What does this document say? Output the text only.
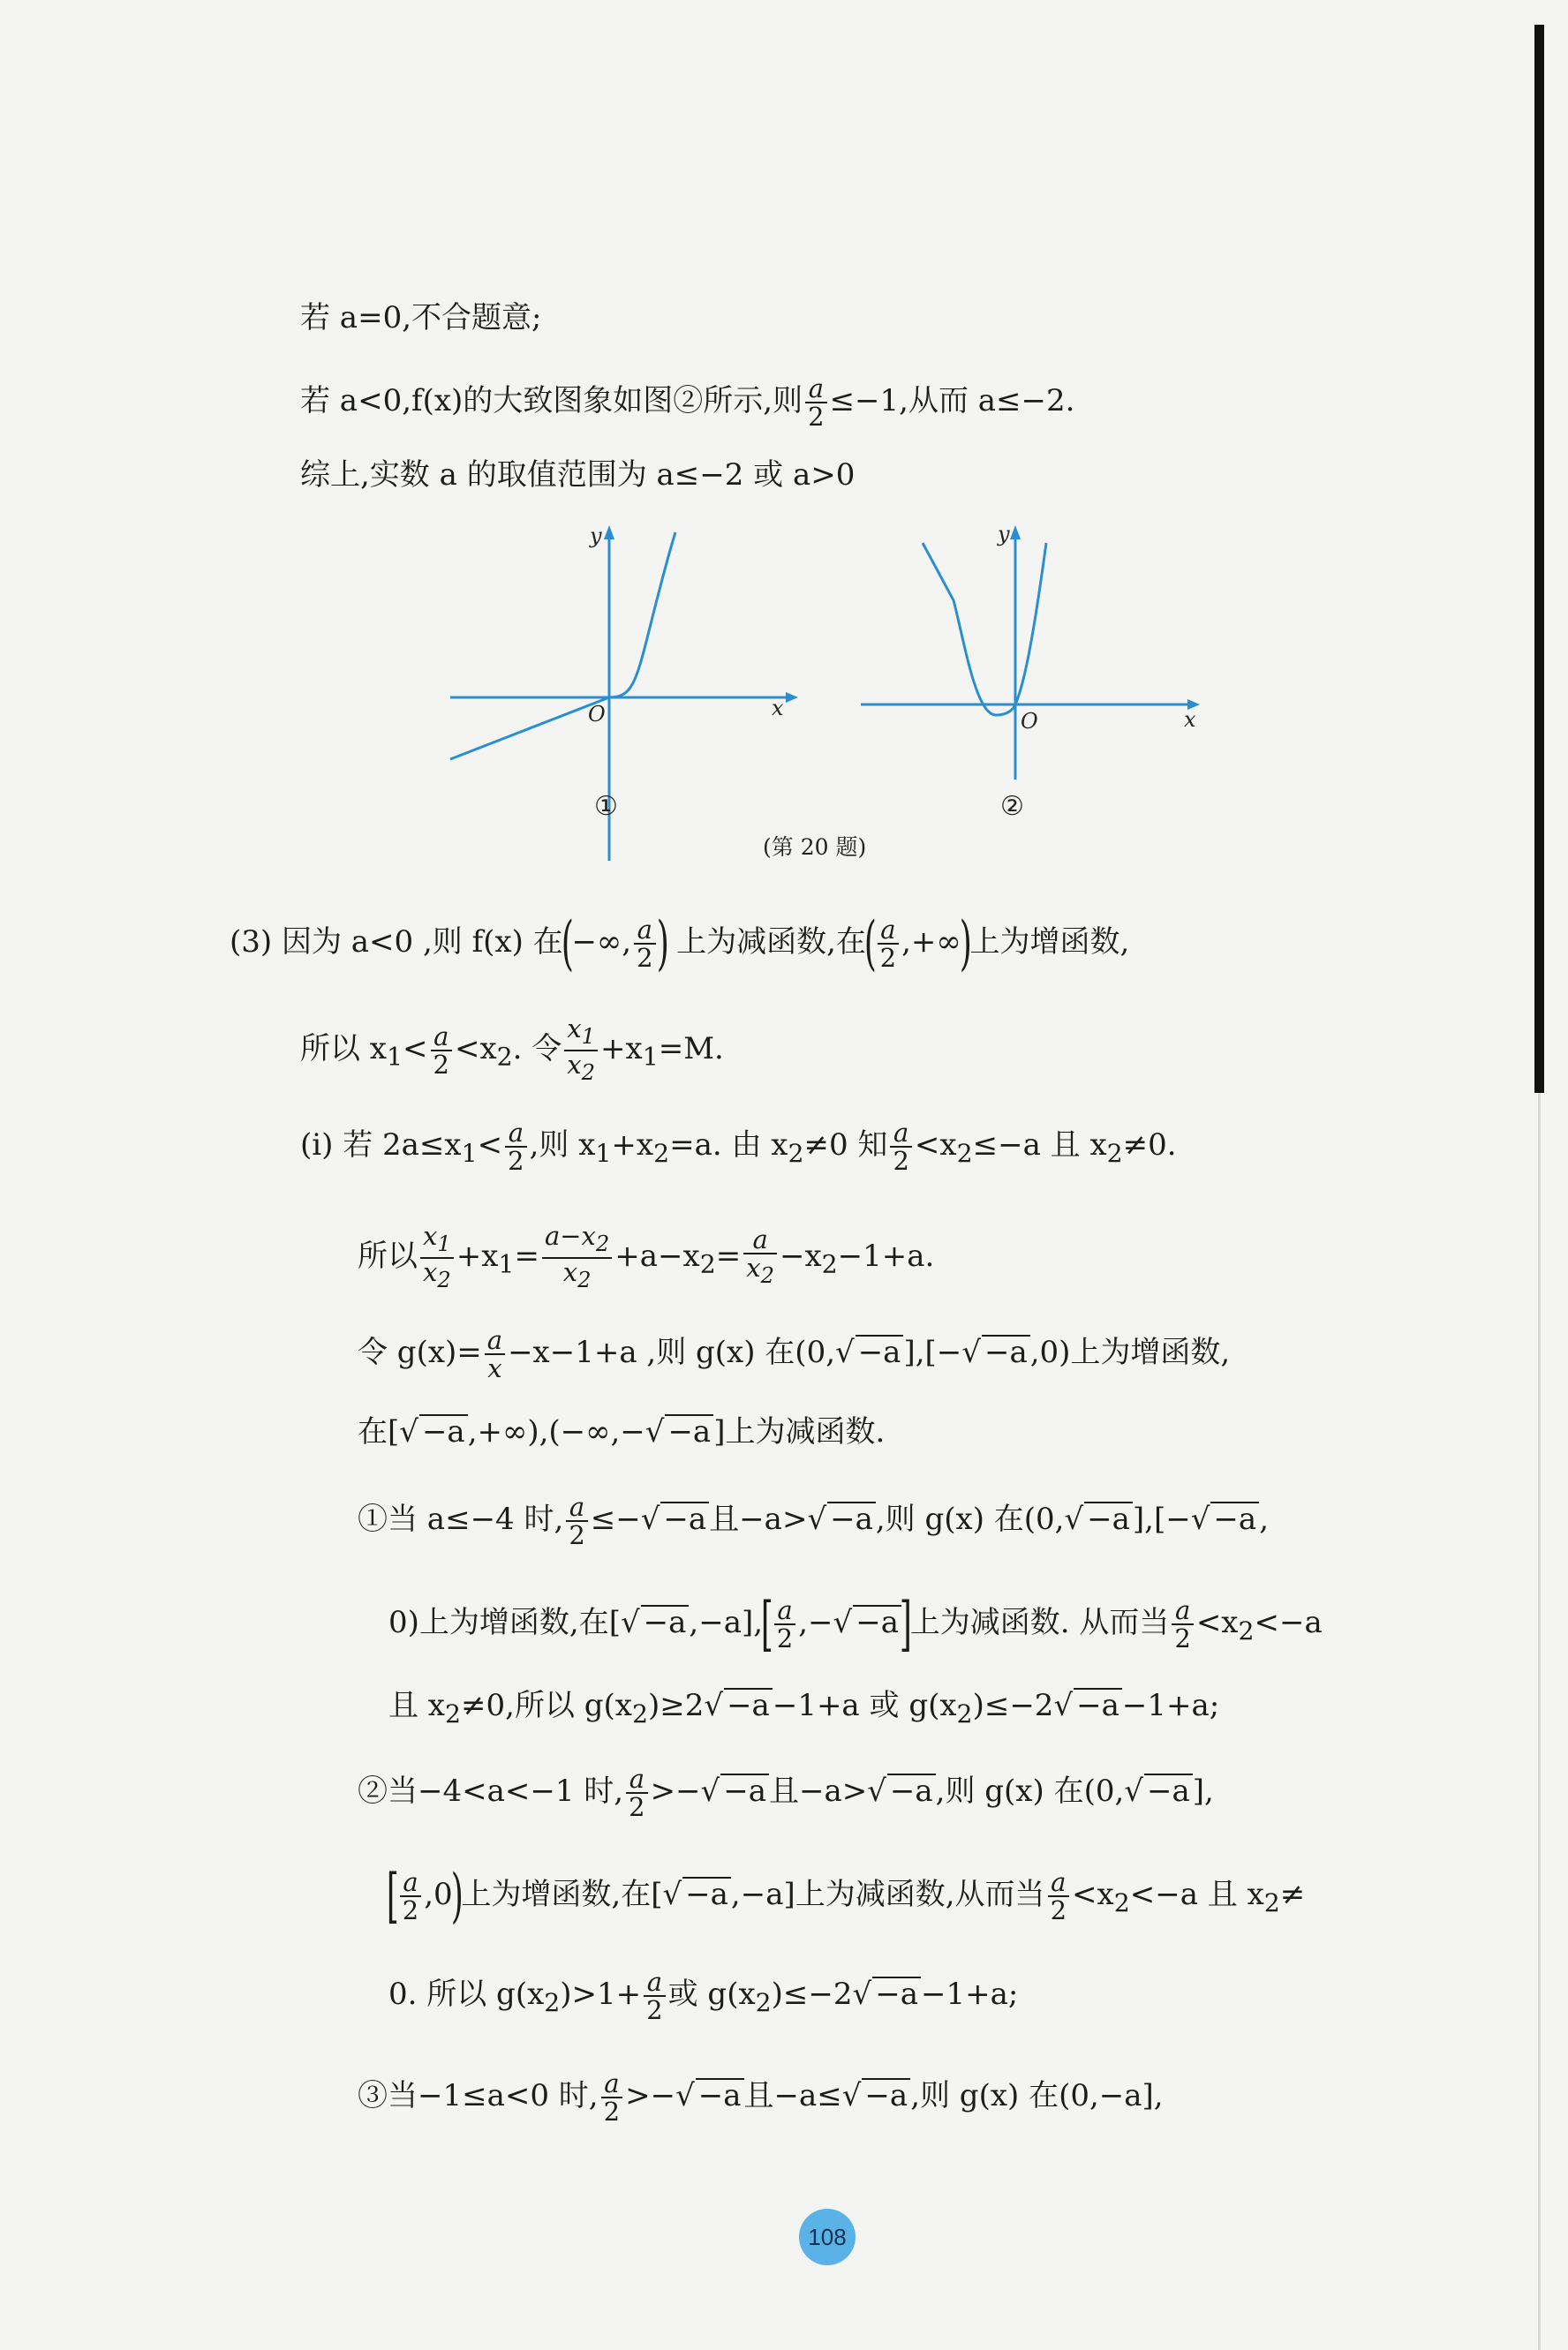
若 a=0,不合题意;
若 a<0,f(x)的大致图象如图②所示,则 $\frac{a}{2} \le-1$,从而 a≤−2.
综上,实数 a 的取值范围为 a≤−2 或 a>0
y
x
O
y
x
O
①	②
(第 20 题)
(3) 因为 a<0 ,则 f(x) 在(−∞, $\frac{a}{2}$ ) 上为减函数,在( $\frac{a}{2}$ ,+∞)上为增函数,
所以 $x_1< \frac{a}{2} <x_2$. 令 $\frac{x_1}{x_2} +x_1=M$.
(i) 若 $2a\le x_1< \frac{a}{2}$ ,则 $x_1+x_2=a$. 由 $x_2\ne 0$ 知 $\frac{a}{2} <x_2\le-a$ 且 $x_2\ne 0$.
所以 $\frac{x_1}{x_2} +x_1= \frac{a-x_2}{x_2} +a-x_2= \frac{a}{x_2} -x_2-1+a$.
令 $g(x)= \frac{a}{x} -x-1+a$ ,则 g(x) 在(0,√ −a],[−√ −a,0)上为增函数,
在[√ −a,+∞),(−∞,−√ −a]上为减函数.
①当 a≤−4 时, $\frac{a}{2}$ ≤−√ −a且−a>√ −a,则 g(x) 在(0,√ −a],[−√ −a,
0)上为增函数,在[√ $-a,-a],[ \frac{a}{2}$ ,−√ −a]上为减函数. 从而当 $\frac{a}{2} <x_2<-a$
且 $x_2\ne 0$,所以 $g(x_2)\ge 2√ -a-1+a$ 或 $g(x_2)\le-2√ -a-1+a$;
②当−4<a<−1 时, $\frac{a}{2}$ >−√ −a且−a>√ −a,则 g(x) 在(0,√ −a],
[ $\frac{a}{2} ,0$)上为增函数,在[√ −a,−a]上为减函数,从而当 $\frac{a}{2} <x_2<-a$ 且 $x_2\ne$
0. 所以 $g(x_2)>1+ \frac{a}{2}$ 或 $g(x_2)\le-2√ -a-1+a$;
③当−1≤a<0 时, $\frac{a}{2}$ >−√ −a且−a≤√ −a,则 g(x) 在(0,−a],
108
